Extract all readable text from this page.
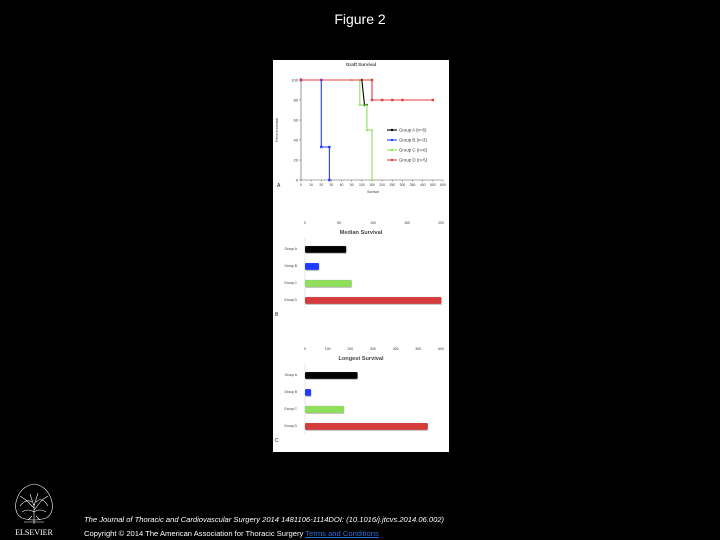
Figure 2
Graft Survival
Percent survival
Survival
0
20
40
60
80
100
0 10 20 30 40 50 100 150 200 250 300 350 400 500 600
A
Group A (n=6)
Group B (n=3)
Group C (n=6)
Group D (n=5)
Median Survival
0	50	100	150	200
Group A
Group B
Group C
Group D
B
Longest Survival
0	100	200	300	400	500	600
Group A
Group B
Group C
Group D
C
ELSEVIER
The Journal of Thoracic and Cardiovascular Surgery 2014 1481106-1114DOI: (10.1016/j.jtcvs.2014.06.002)
Copyright © 2014 The American Association for Thoracic Surgery Terms and Conditions
